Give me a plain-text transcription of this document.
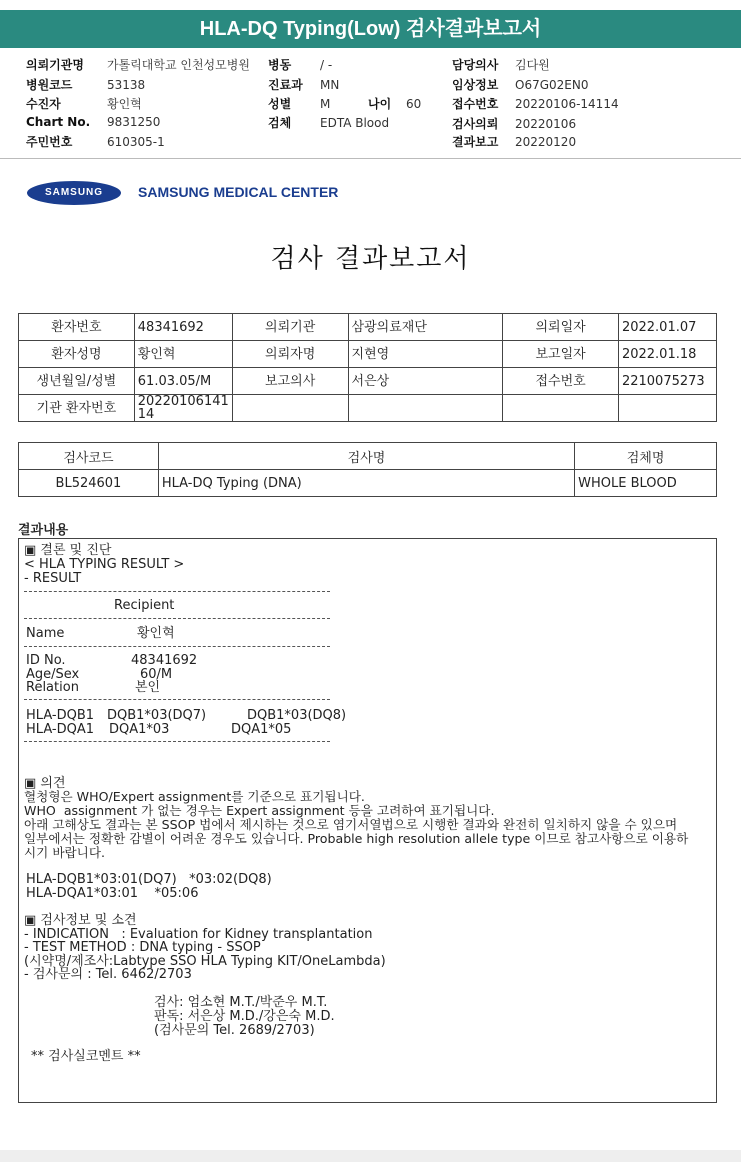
HLA-DQ Typing(Low) 검사결과보고서
의뢰기관명 가톨릭대학교 인천성모병원
병원코드	53138
수진자	황인혁
Chart No. 9831250
주민번호	610305-1
병동 / -
진료과 MN
성별 M	나이 60
검체 EDTA Blood
담당의사 김다원
임상정보 O67G02EN0
접수번호 20220106-14114
검사의뢰 20220106
결과보고 20220120
SAMSUNG	SAMSUNG MEDICAL CENTER
검사 결과보고서
환자번호	48341692	의뢰기관	삼광의료재단	의뢰일자	2022.01.07
환자성명	황인혁	의뢰자명	지현영	보고일자	2022.01.18
생년월일/성별	61.03.05/M	보고의사	서은상	접수번호	2210075273
기관 환자번호	20220106141
14				

검사코드	검사명	검체명
BL524601	HLA-DQ Typing (DNA)	WHOLE BLOOD
결과내용
▣ 결론 및 진단
< HLA TYPING RESULT >
- RESULT
Recipient
Name	황인혁
ID No.	48341692
Age/Sex	60/M
Relation	본인
HLA-DQB1 DQB1*03(DQ7)	DQB1*03(DQ8)
HLA-DQA1 DQA1*03	DQA1*05
▣ 의견
혈청형은 WHO/Expert assignment를 기준으로 표기됩니다.
WHO  assignment 가 없는 경우는 Expert assignment 등을 고려하여 표기됩니다.
아래 고해상도 결과는 본 SSOP 법에서 제시하는 것으로 염기서열법으로 시행한 결과와 완전히 일치하지 않을 수 있으며
일부에서는 정확한 감별이 어려운 경우도 있습니다. Probable high resolution allele type 이므로 참고사항으로 이용하
시기 바랍니다.
HLA-DQB1*03:01(DQ7)   *03:02(DQ8)
HLA-DQA1*03:01    *05:06
▣ 검사정보 및 소견
- INDICATION   : Evaluation for Kidney transplantation
- TEST METHOD : DNA typing - SSOP
(시약명/제조사:Labtype SSO HLA Typing KIT/OneLambda)
- 검사문의 : Tel. 6462/2703
검사: 엄소현 M.T./박준우 M.T.
판독: 서은상 M.D./강은숙 M.D.
(검사문의 Tel. 2689/2703)
** 검사실코멘트 **
